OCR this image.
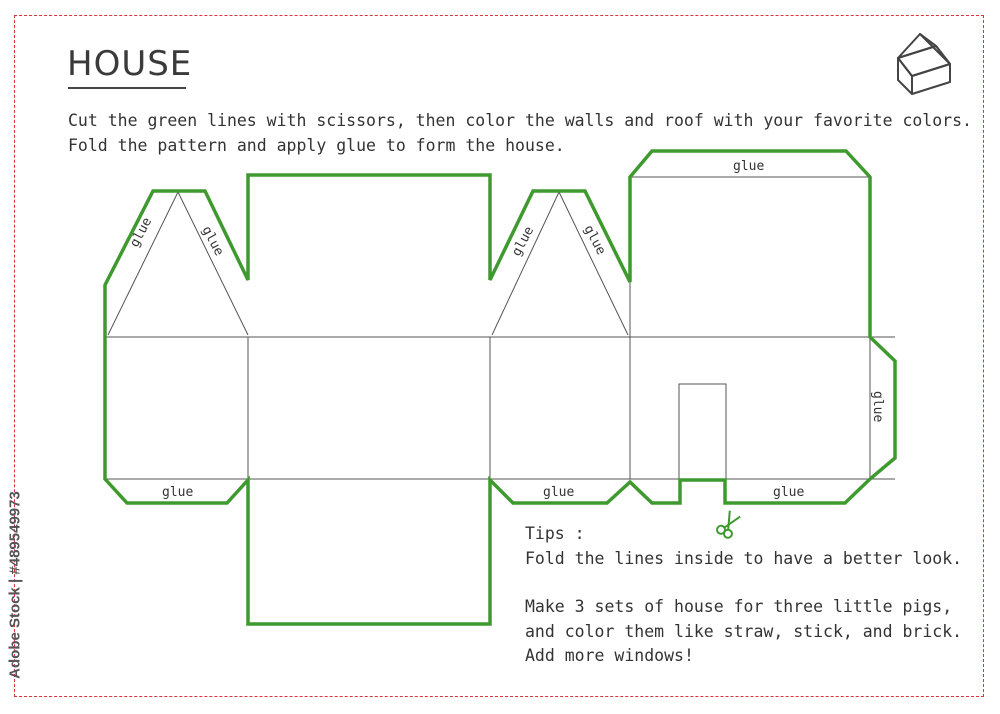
HOUSE
Cut the green lines with scissors, then color the walls and roof with your favorite colors.
Fold the pattern and apply glue to form the house.
glue	glue	glue	glue
glue
glue
glue	glue	glue
Tips :
Fold the lines inside to have a better look.
Make 3 sets of house for three little pigs,
and color them like straw, stick, and brick.
Add more windows!
Adobe Stock | #489549973
